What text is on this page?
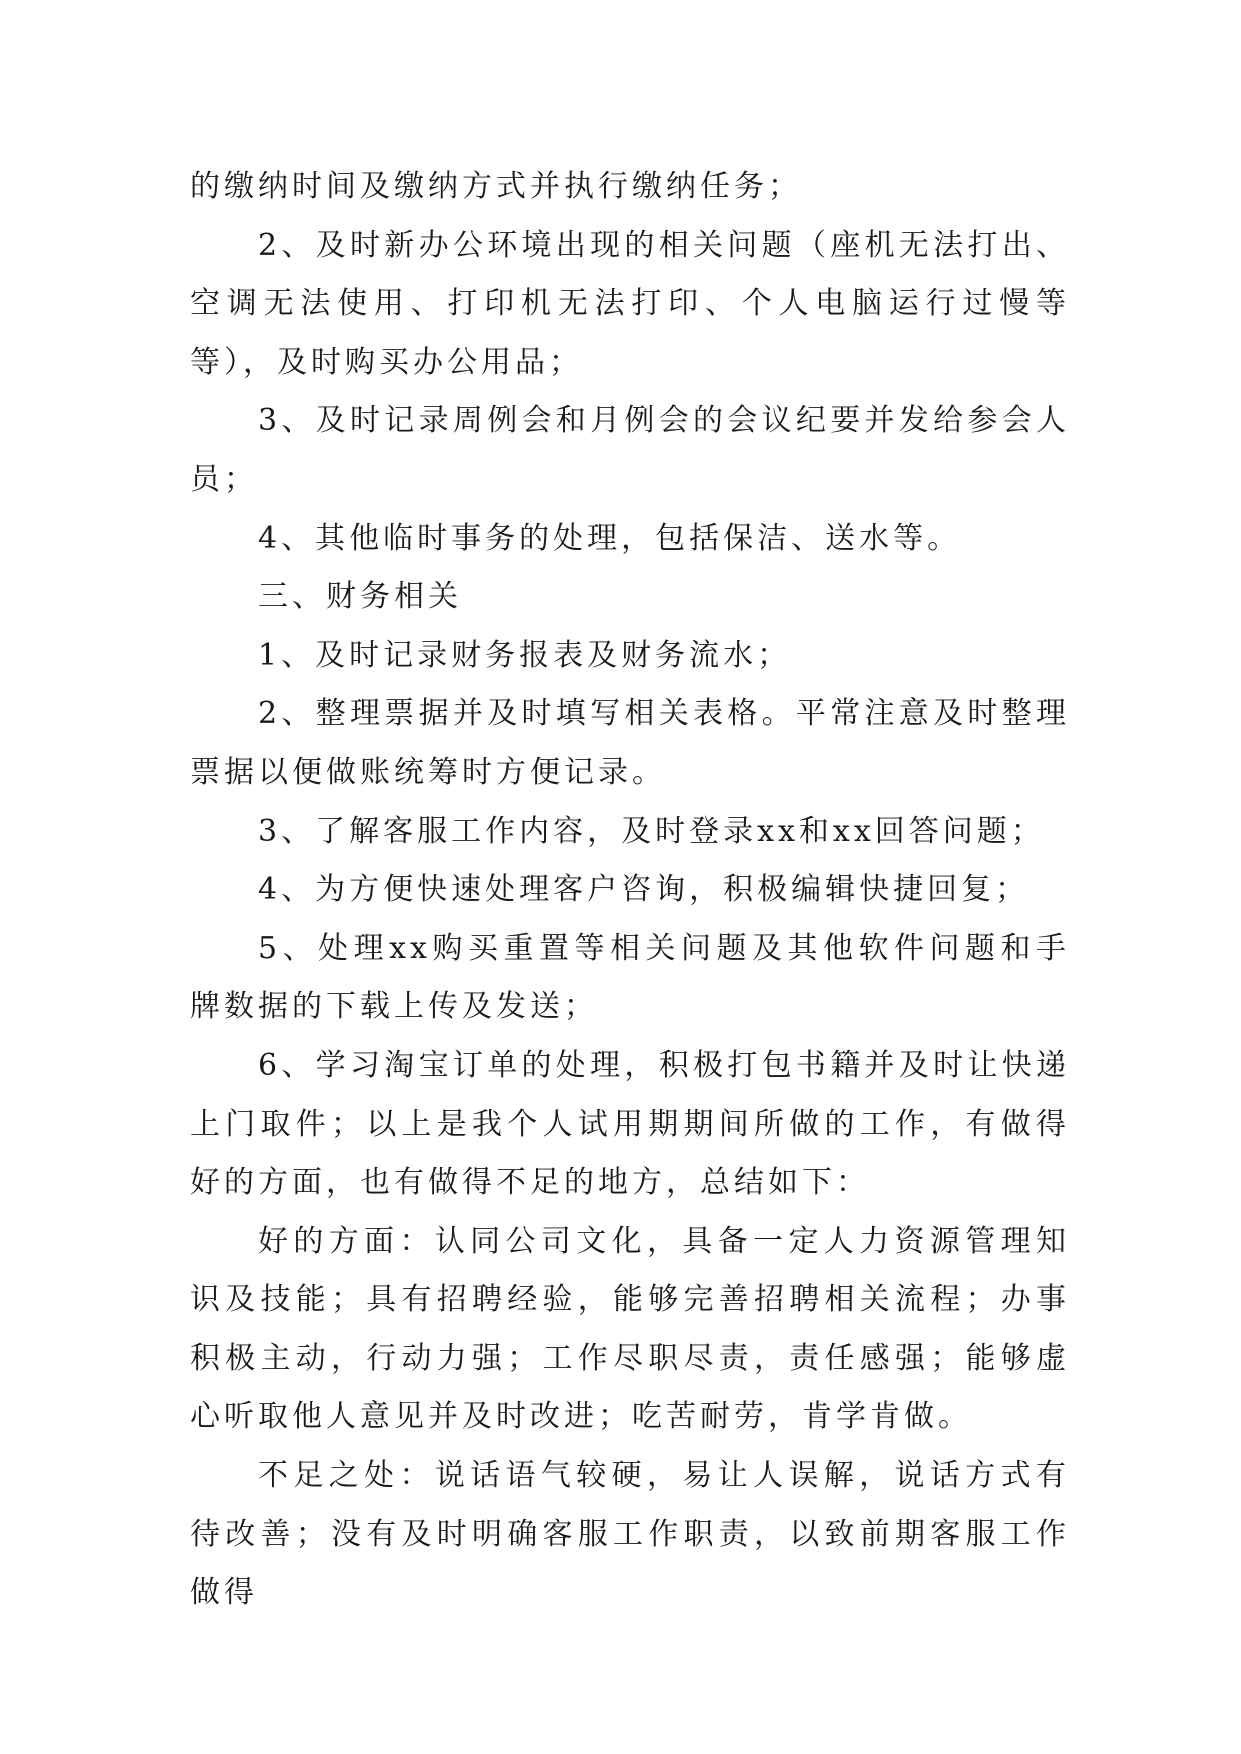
的缴纳时间及缴纳方式并执行缴纳任务；

2、及时新办公环境出现的相关问题（座机无法打出、空调无法使用、打印机无法打印、个人电脑运行过慢等等），及时购买办公用品；

3、及时记录周例会和月例会的会议纪要并发给参会人员；

4、其他临时事务的处理，包括保洁、送水等。

三、财务相关

1、及时记录财务报表及财务流水；

2、整理票据并及时填写相关表格。平常注意及时整理票据以便做账统筹时方便记录。

3、了解客服工作内容，及时登录xx和xx回答问题；

4、为方便快速处理客户咨询，积极编辑快捷回复；

5、处理xx购买重置等相关问题及其他软件问题和手牌数据的下载上传及发送；

6、学习淘宝订单的处理，积极打包书籍并及时让快递上门取件；以上是我个人试用期期间所做的工作，有做得好的方面，也有做得不足的地方，总结如下：

好的方面：认同公司文化，具备一定人力资源管理知识及技能；具有招聘经验，能够完善招聘相关流程；办事积极主动，行动力强；工作尽职尽责，责任感强；能够虚心听取他人意见并及时改进；吃苦耐劳，肯学肯做。

不足之处：说话语气较硬，易让人误解，说话方式有待改善；没有及时明确客服工作职责，以致前期客服工作做得
